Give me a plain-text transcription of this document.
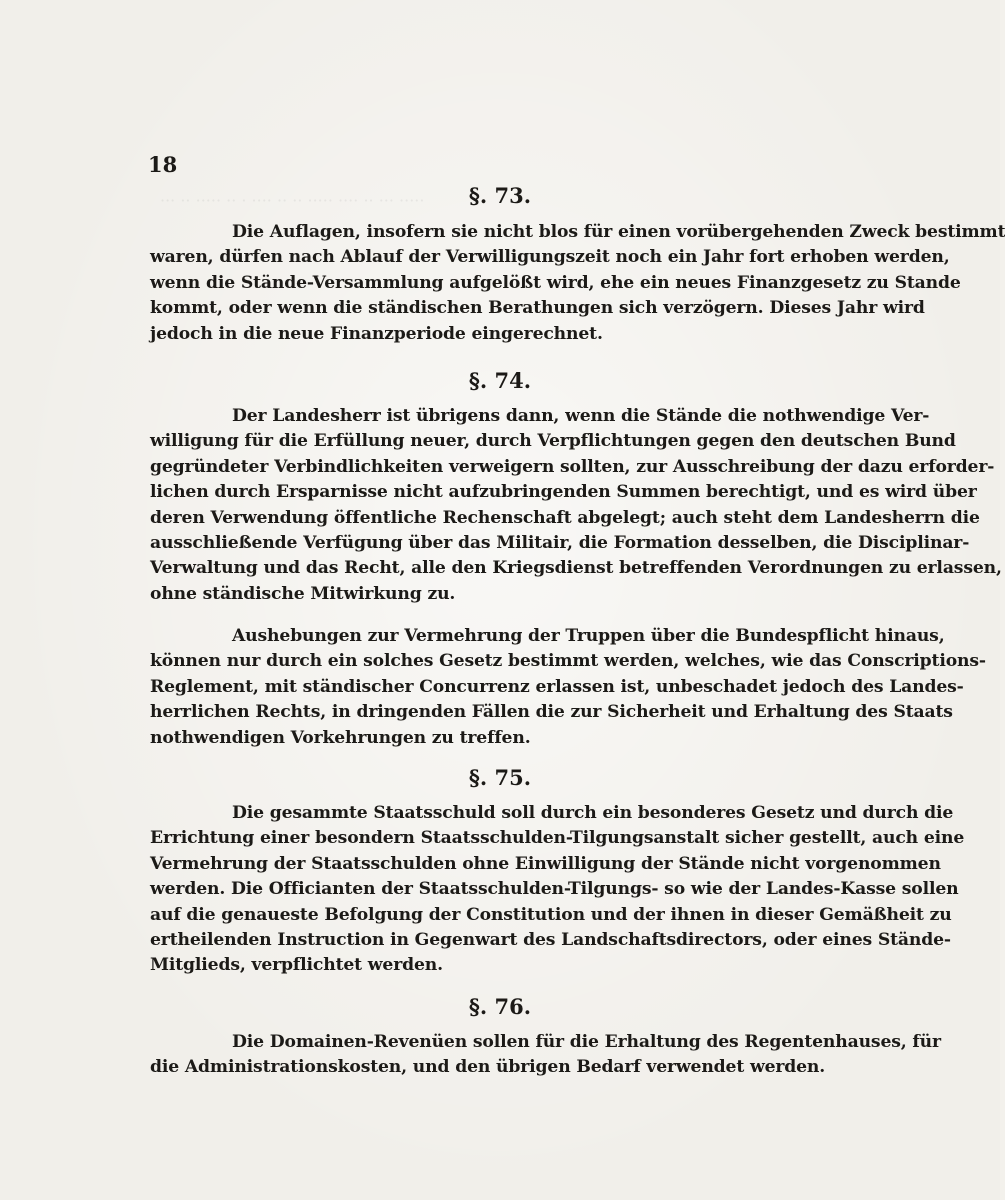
··· ·· ····· ·· · ···· ·· ·· ····· ···· ·· ··· ·····
18
§. 73.
Die Auflagen, insofern sie nicht blos für einen vorübergehenden Zweck bestimmt
waren, dürfen nach Ablauf der Verwilligungszeit noch ein Jahr fort erhoben werden,
wenn die Stände-Versammlung aufgelößt wird, ehe ein neues Finanzgesetz zu Stande
kommt, oder wenn die ständischen Berathungen sich verzögern. Dieses Jahr wird
jedoch in die neue Finanzperiode eingerechnet.
§. 74.
Der Landesherr ist übrigens dann, wenn die Stände die nothwendige Ver-
willigung für die Erfüllung neuer, durch Verpflichtungen gegen den deutschen Bund
gegründeter Verbindlichkeiten verweigern sollten, zur Ausschreibung der dazu erforder-
lichen durch Ersparnisse nicht aufzubringenden Summen berechtigt, und es wird über
deren Verwendung öffentliche Rechenschaft abgelegt; auch steht dem Landesherrn die
ausschließende Verfügung über das Militair, die Formation desselben, die Disciplinar-
Verwaltung und das Recht, alle den Kriegsdienst betreffenden Verordnungen zu erlassen,
ohne ständische Mitwirkung zu.
Aushebungen zur Vermehrung der Truppen über die Bundespflicht hinaus,
können nur durch ein solches Gesetz bestimmt werden, welches, wie das Conscriptions-
Reglement, mit ständischer Concurrenz erlassen ist, unbeschadet jedoch des Landes-
herrlichen Rechts, in dringenden Fällen die zur Sicherheit und Erhaltung des Staats
nothwendigen Vorkehrungen zu treffen.
§. 75.
Die gesammte Staatsschuld soll durch ein besonderes Gesetz und durch die
Errichtung einer besondern Staatsschulden-Tilgungsanstalt sicher gestellt, auch eine
Vermehrung der Staatsschulden ohne Einwilligung der Stände nicht vorgenommen
werden. Die Officianten der Staatsschulden-Tilgungs- so wie der Landes-Kasse sollen
auf die genaueste Befolgung der Constitution und der ihnen in dieser Gemäßheit zu
ertheilenden Instruction in Gegenwart des Landschaftsdirectors, oder eines Stände-
Mitglieds, verpflichtet werden.
§. 76.
Die Domainen-Revenüen sollen für die Erhaltung des Regentenhauses, für
die Administrationskosten, und den übrigen Bedarf verwendet werden.
